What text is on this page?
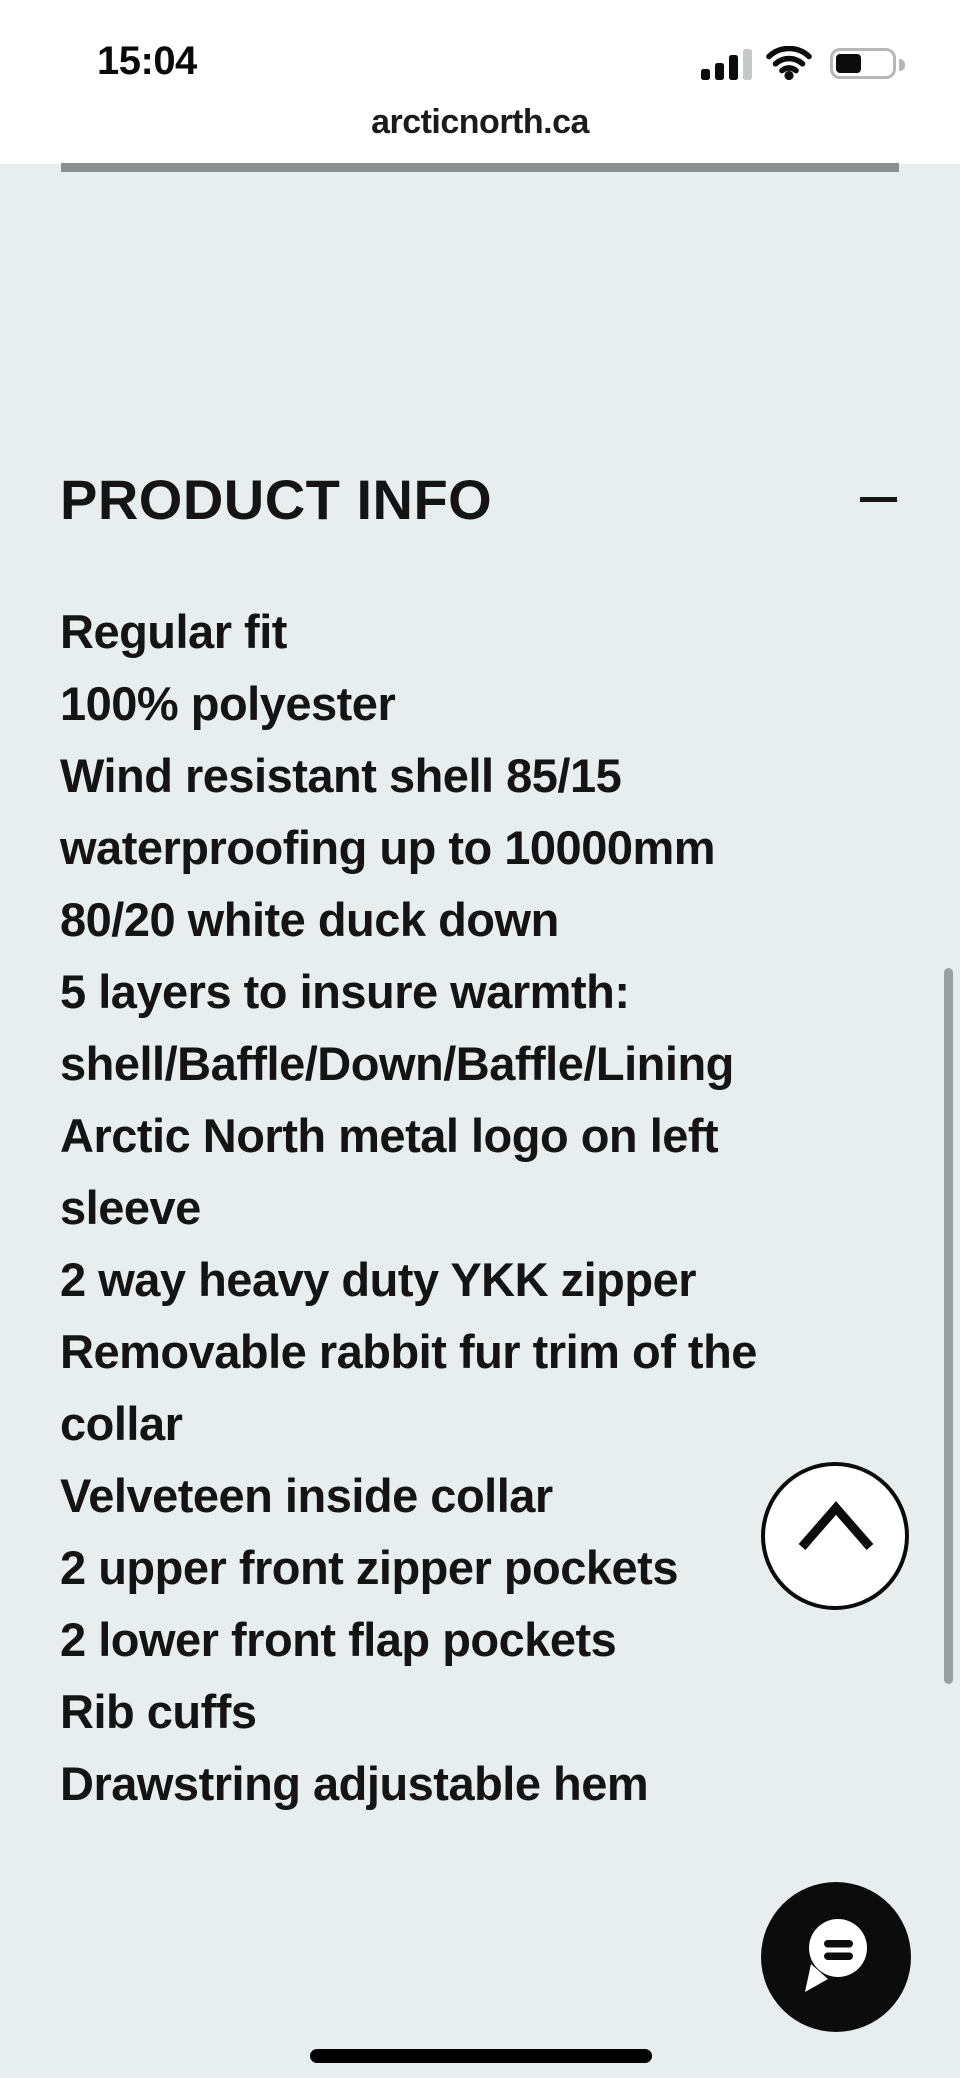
15:04
arcticnorth.ca
PRODUCT INFO
Regular fit
100% polyester
Wind resistant shell 85/15
waterproofing up to 10000mm
80/20 white duck down
5 layers to insure warmth:
shell/Baffle/Down/Baffle/Lining
Arctic North metal logo on left
sleeve
2 way heavy duty YKK zipper
Removable rabbit fur trim of the
collar
Velveteen inside collar
2 upper front zipper pockets
2 lower front flap pockets
Rib cuffs
Drawstring adjustable hem
